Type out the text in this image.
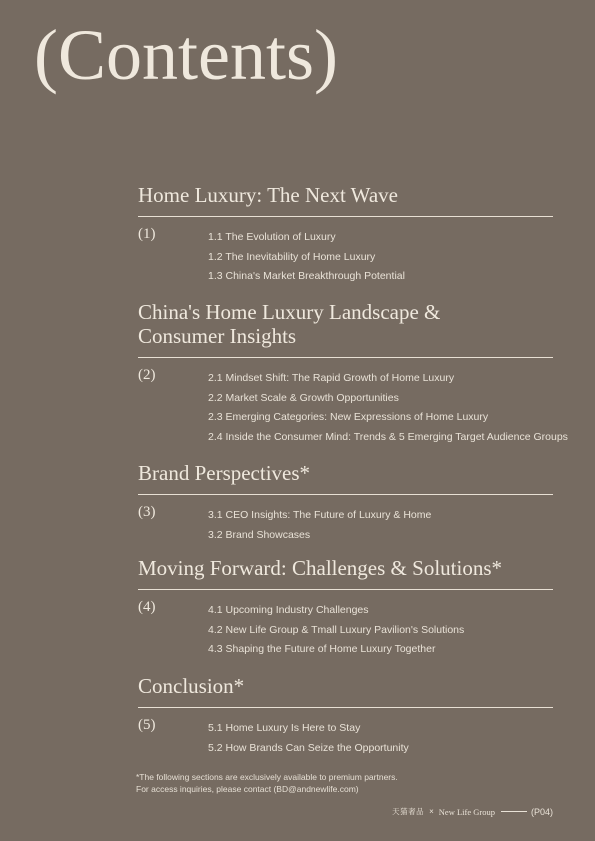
(Contents)
Home Luxury: The Next Wave
(1)	1.1 The Evolution of Luxury
1.2 The Inevitability of Home Luxury
1.3 China's Market Breakthrough Potential
China's Home Luxury Landscape &
Consumer Insights
(2)	2.1 Mindset Shift: The Rapid Growth of Home Luxury
2.2 Market Scale & Growth Opportunities
2.3 Emerging Categories: New Expressions of Home Luxury
2.4 Inside the Consumer Mind: Trends & 5 Emerging Target Audience Groups
Brand Perspectives*
(3)	3.1 CEO Insights: The Future of Luxury & Home
3.2 Brand Showcases
Moving Forward: Challenges & Solutions*
(4)	4.1 Upcoming Industry Challenges
4.2 New Life Group & Tmall Luxury Pavilion's Solutions
4.3 Shaping the Future of Home Luxury Together
Conclusion*
(5)	5.1 Home Luxury Is Here to Stay
5.2 How Brands Can Seize the Opportunity
*The following sections are exclusively available to premium partners.
For access inquiries, please contact (BD@andnewlife.com)
天猫奢品 × New Life Group	(P04)
